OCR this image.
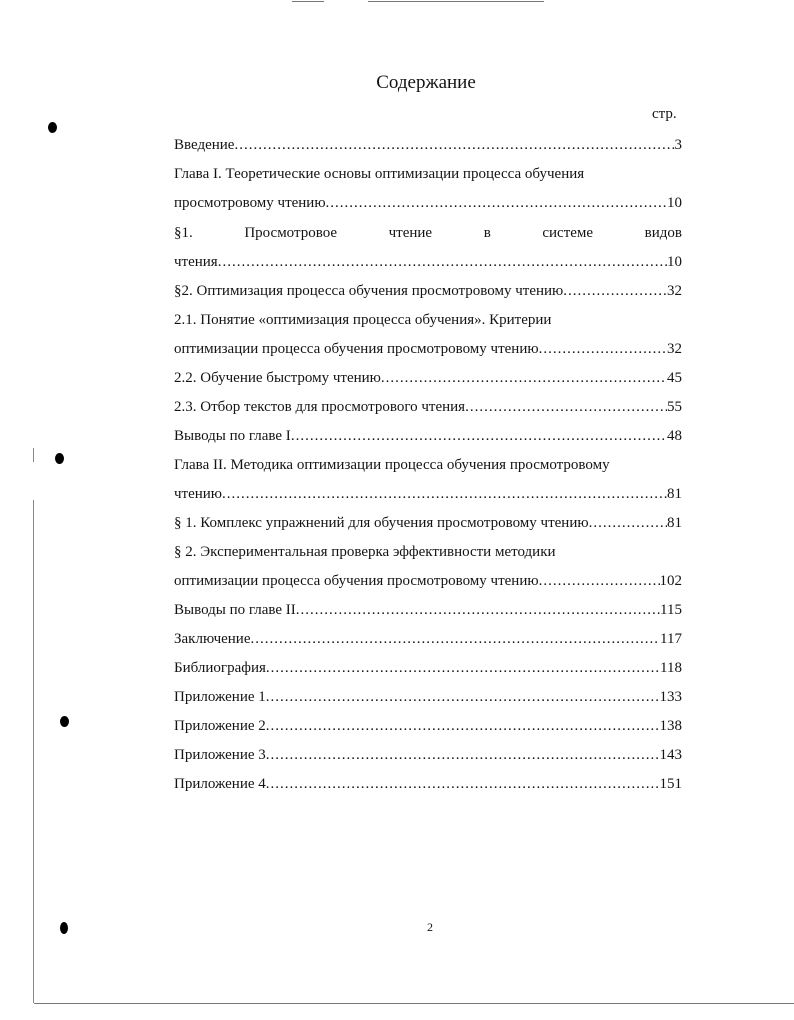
Содержание
стр.
Введение .....	3
Глава I. Теоретические основы оптимизации процесса обучения
просмотровому чтению .....	10
§1.	Просмотровое	чтение	в	системе	видов
чтения .....	10
§2. Оптимизация процесса обучения просмотровому чтению .....	32
2.1. Понятие «оптимизация процесса обучения». Критерии
оптимизации процесса обучения просмотровому чтению .....	32
2.2. Обучение быстрому чтению .....	45
2.3. Отбор текстов для просмотрового чтения .....	55
Выводы по главе I .....	48
Глава II. Методика оптимизации процесса обучения просмотровому
чтению .....	81
§ 1. Комплекс упражнений для обучения просмотровому чтению .....	81
§ 2. Экспериментальная проверка эффективности методики
оптимизации процесса обучения просмотровому чтению .....	102
Выводы по главе II .....	115
Заключение .....	117
Библиография .....	118
Приложение 1 .....	133
Приложение 2 .....	138
Приложение 3 .....	143
Приложение 4 .....	151
2
